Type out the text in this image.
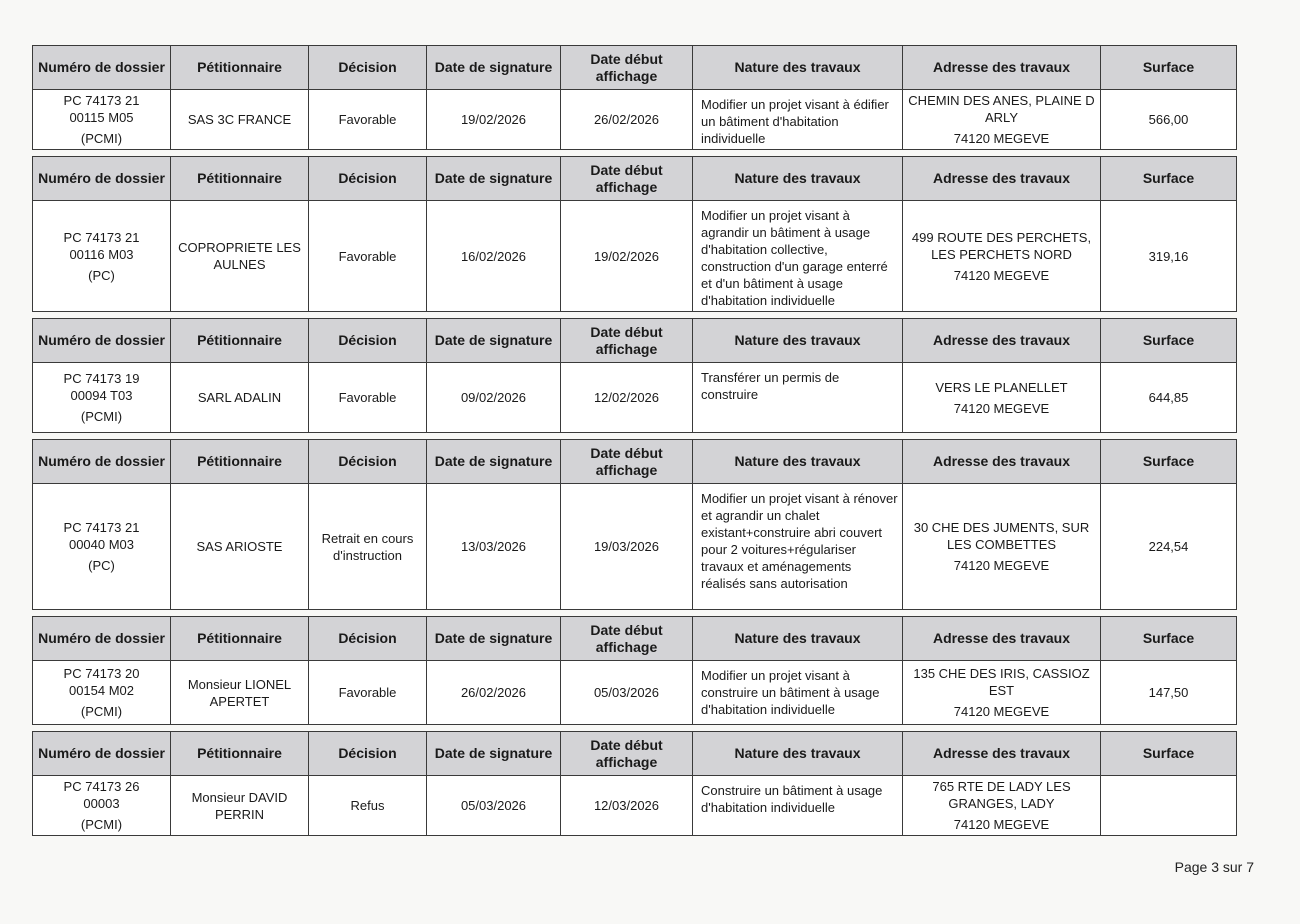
Numéro de dossier	Pétitionnaire	Décision	Date de signature	Date début affichage	Nature des travaux	Adresse des travaux	Surface

PC 74173 21
00115 M05
(PCMI)	SAS 3C FRANCE	Favorable	19/02/2026	26/02/2026	Modifier un projet visant à édifier un bâtiment d'habitation individuelle	CHEMIN DES ANES, PLAINE D ARLY
74120 MEGEVE	566,00
Numéro de dossier	Pétitionnaire	Décision	Date de signature	Date début affichage	Nature des travaux	Adresse des travaux	Surface

PC 74173 21
00116 M03
(PC)	COPROPRIETE LES AULNES	Favorable	16/02/2026	19/02/2026	Modifier un projet visant à agrandir un bâtiment à usage d'habitation collective, construction d'un garage enterré et d'un bâtiment à usage d'habitation individuelle	499 ROUTE DES PERCHETS, LES PERCHETS NORD
74120 MEGEVE	319,16
Numéro de dossier	Pétitionnaire	Décision	Date de signature	Date début affichage	Nature des travaux	Adresse des travaux	Surface

PC 74173 19
00094 T03
(PCMI)	SARL ADALIN	Favorable	09/02/2026	12/02/2026	Transférer un permis de construire	VERS LE PLANELLET
74120 MEGEVE	644,85
Numéro de dossier	Pétitionnaire	Décision	Date de signature	Date début affichage	Nature des travaux	Adresse des travaux	Surface

PC 74173 21
00040 M03
(PC)	SAS ARIOSTE	Retrait en cours d'instruction	13/03/2026	19/03/2026	Modifier un projet visant à rénover et agrandir un chalet existant+construire abri couvert pour 2 voitures+régulariser travaux et aménagements réalisés sans autorisation	30 CHE DES JUMENTS, SUR LES COMBETTES
74120 MEGEVE	224,54
Numéro de dossier	Pétitionnaire	Décision	Date de signature	Date début affichage	Nature des travaux	Adresse des travaux	Surface

PC 74173 20
00154 M02
(PCMI)	Monsieur LIONEL APERTET	Favorable	26/02/2026	05/03/2026	Modifier un projet visant à construire un bâtiment à usage d'habitation individuelle	135 CHE DES IRIS, CASSIOZ EST
74120 MEGEVE	147,50
Numéro de dossier	Pétitionnaire	Décision	Date de signature	Date début affichage	Nature des travaux	Adresse des travaux	Surface

PC 74173 26
00003
(PCMI)	Monsieur DAVID PERRIN	Refus	05/03/2026	12/03/2026	Construire un bâtiment à usage d'habitation individuelle	765 RTE DE LADY LES GRANGES, LADY
74120 MEGEVE	

Page 3 sur 7
